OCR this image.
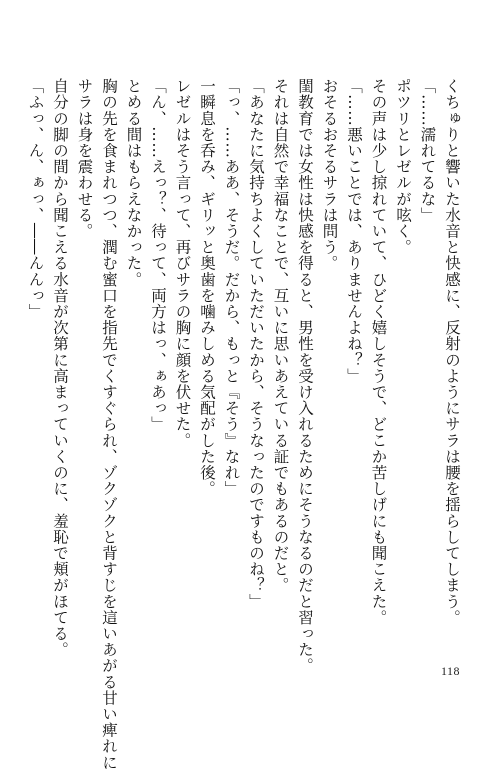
くちゅりと響いた水音と快感に、反射のようにサラは腰を揺らしてしまう。
「……濡れてるな」
ポツリとレゼルが呟く。
その声は少し掠れていて、ひどく嬉しそうで、どこか苦しげにも聞こえた。
「……悪いことでは、ありませんよね？」
おそるおそるサラは問う。
閨教育では女性は快感を得ると、男性を受け入れるためにそうなるのだと習った。
それは自然で幸福なことで、互いに思いあえている証でもあるのだと。
「あなたに気持ちよくしていただいたから、そうなったのですものね？」
「っ、……ああ、そうだ。だから、もっと『そう』なれ」
一瞬息を呑み、ギリッと奥歯を噛みしめる気配がした後。
レゼルはそう言って、再びサラの胸に顔を伏せた。
「ん、……えっ？、待って、両方はっ、ぁあっ」
とめる間はもらえなかった。
胸の先を食まれつつ、潤む蜜口を指先でくすぐられ、ゾクゾクと背すじを這いあがる甘い痺れに
サラは身を震わせる。
自分の脚の間から聞こえる水音が次第に高まっていくのに、羞恥で頬がほてる。
「ふっ、ん、ぁっ、――んんっ」
118
